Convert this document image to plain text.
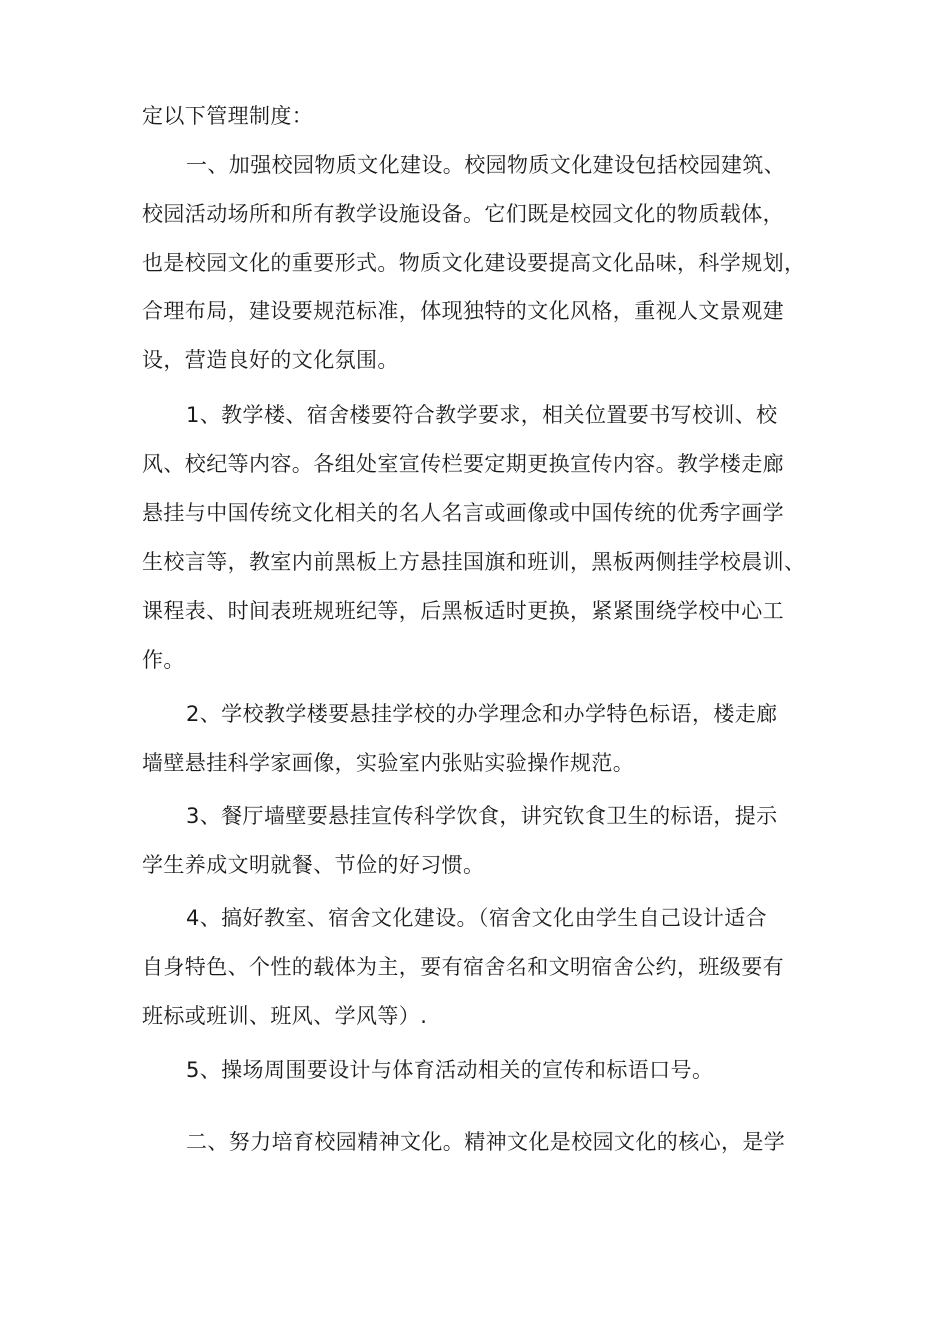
定以下管理制度：
一、加强校园物质文化建设。校园物质文化建设包括校园建筑、
校园活动场所和所有教学设施设备。它们既是校园文化的物质载体，
也是校园文化的重要形式。物质文化建设要提高文化品味，科学规划，
合理布局，建设要规范标准，体现独特的文化风格，重视人文景观建
设，营造良好的文化氛围。
1、教学楼、宿舍楼要符合教学要求，相关位置要书写校训、校
风、校纪等内容。各组处室宣传栏要定期更换宣传内容。教学楼走廊
悬挂与中国传统文化相关的名人名言或画像或中国传统的优秀字画学
生校言等，教室内前黑板上方悬挂国旗和班训，黑板两侧挂学校晨训、
课程表、时间表班规班纪等，后黑板适时更换，紧紧围绕学校中心工
作。
2、学校教学楼要悬挂学校的办学理念和办学特色标语，楼走廊
墙壁悬挂科学家画像，实验室内张贴实验操作规范。
3、餐厅墙壁要悬挂宣传科学饮食，讲究钦食卫生的标语，提示
学生养成文明就餐、节俭的好习惯。
4、搞好教室、宿舍文化建设。（宿舍文化由学生自己设计适合
自身特色、个性的载体为主，要有宿舍名和文明宿舍公约，班级要有
班标或班训、班风、学风等）.
5、操场周围要设计与体育活动相关的宣传和标语口号。
二、努力培育校园精神文化。精神文化是校园文化的核心，是学
